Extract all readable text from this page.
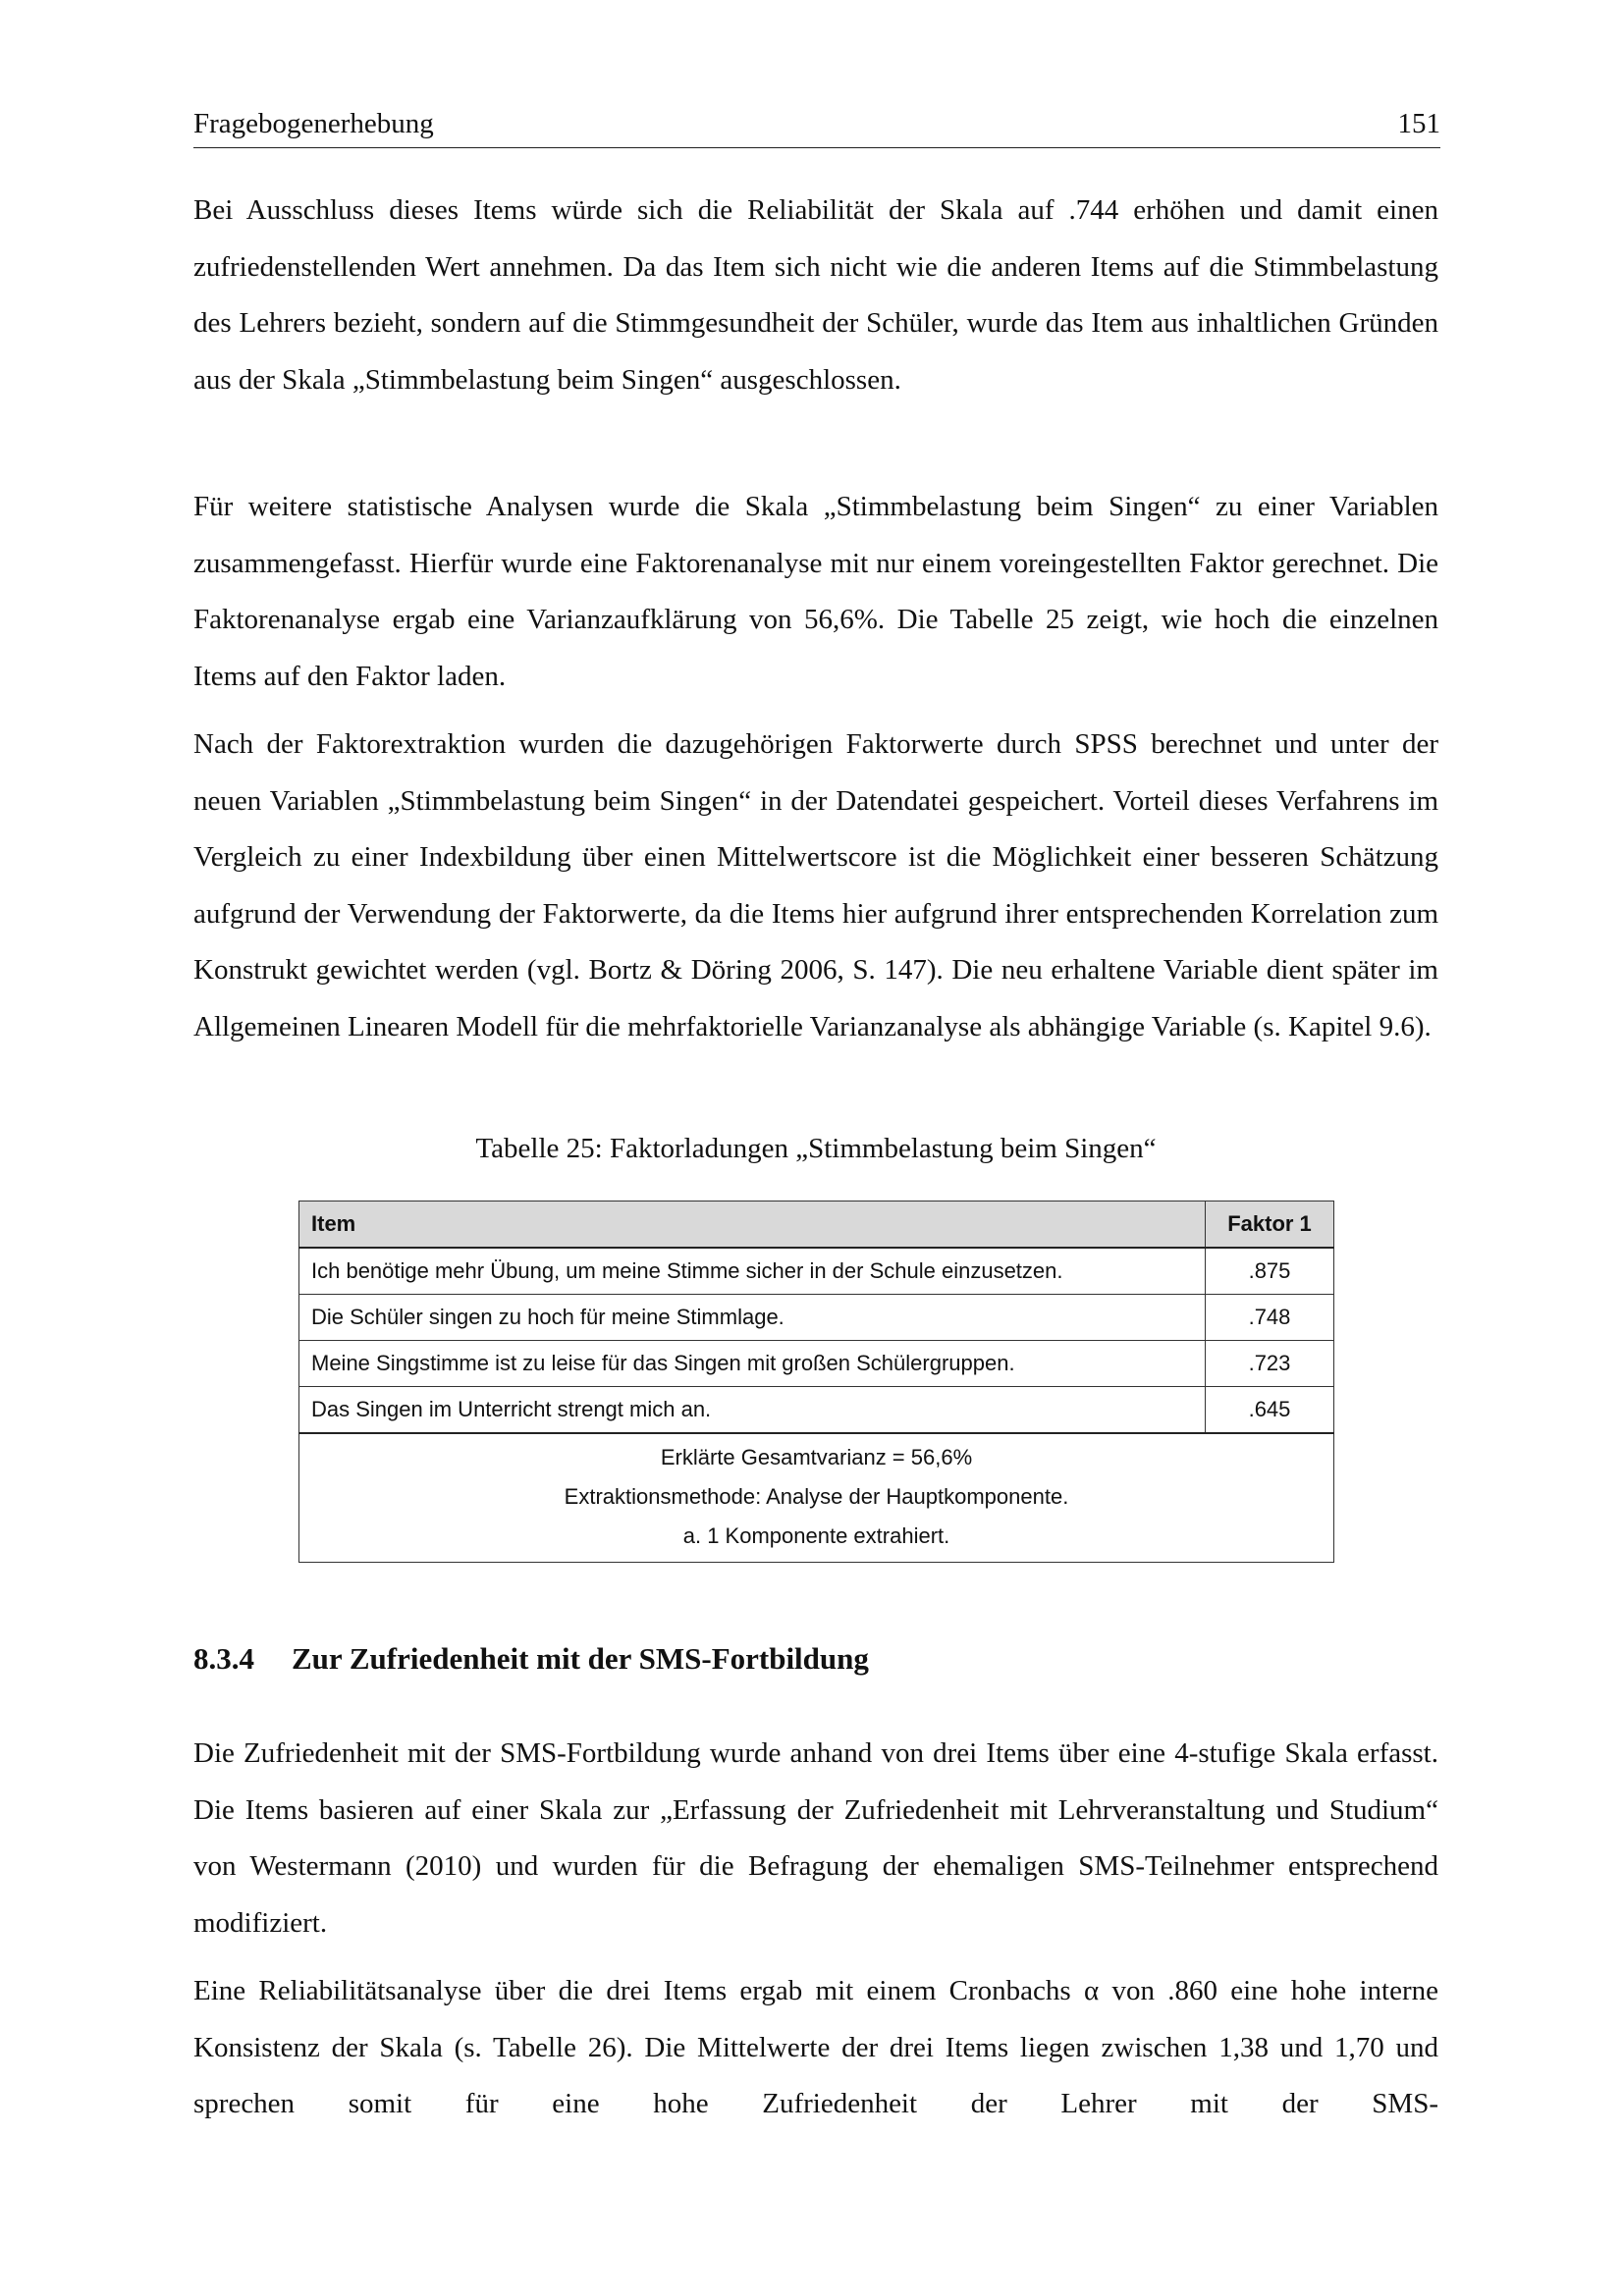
Fragebogenerhebung	151
Bei Ausschluss dieses Items würde sich die Reliabilität der Skala auf .744 erhöhen und damit einen zufriedenstellenden Wert annehmen. Da das Item sich nicht wie die anderen Items auf die Stimmbelastung des Lehrers bezieht, sondern auf die Stimmgesundheit der Schüler, wurde das Item aus inhaltlichen Gründen aus der Skala „Stimmbelastung beim Singen“ ausgeschlossen.
Für weitere statistische Analysen wurde die Skala „Stimmbelastung beim Singen“ zu einer Variablen zusammengefasst. Hierfür wurde eine Faktorenanalyse mit nur einem voreingestellten Faktor gerechnet. Die Faktorenanalyse ergab eine Varianzaufklärung von 56,6%. Die Tabelle 25 zeigt, wie hoch die einzelnen Items auf den Faktor laden.
Nach der Faktorextraktion wurden die dazugehörigen Faktorwerte durch SPSS berechnet und unter der neuen Variablen „Stimmbelastung beim Singen“ in der Datendatei gespeichert. Vorteil dieses Verfahrens im Vergleich zu einer Indexbildung über einen Mittelwertscore ist die Möglichkeit einer besseren Schätzung aufgrund der Verwendung der Faktorwerte, da die Items hier aufgrund ihrer entsprechenden Korrelation zum Konstrukt gewichtet werden (vgl. Bortz & Döring 2006, S. 147). Die neu erhaltene Variable dient später im Allgemeinen Linearen Modell für die mehrfaktorielle Varianzanalyse als abhängige Variable (s. Kapitel 9.6).
Tabelle 25: Faktorladungen „Stimmbelastung beim Singen“
Item	Faktor 1
Ich benötige mehr Übung, um meine Stimme sicher in der Schule einzusetzen.	.875
Die Schüler singen zu hoch für meine Stimmlage.	.748
Meine Singstimme ist zu leise für das Singen mit großen Schülergruppen.	.723
Das Singen im Unterricht strengt mich an.	.645

Erklärte Gesamtvarianz = 56,6%
Extraktionsmethode: Analyse der Hauptkomponente.
a. 1 Komponente extrahiert.	
8.3.4 Zur Zufriedenheit mit der SMS-Fortbildung
Die Zufriedenheit mit der SMS-Fortbildung wurde anhand von drei Items über eine 4-stufige Skala erfasst. Die Items basieren auf einer Skala zur „Erfassung der Zufriedenheit mit Lehrveranstaltung und Studium“ von Westermann (2010) und wurden für die Befragung der ehemaligen SMS-Teilnehmer entsprechend modifiziert.
Eine Reliabilitätsanalyse über die drei Items ergab mit einem Cronbachs α von .860 eine hohe interne Konsistenz der Skala (s. Tabelle 26). Die Mittelwerte der drei Items liegen zwischen 1,38 und 1,70 und sprechen somit für eine hohe Zufriedenheit der Lehrer mit der SMS-
